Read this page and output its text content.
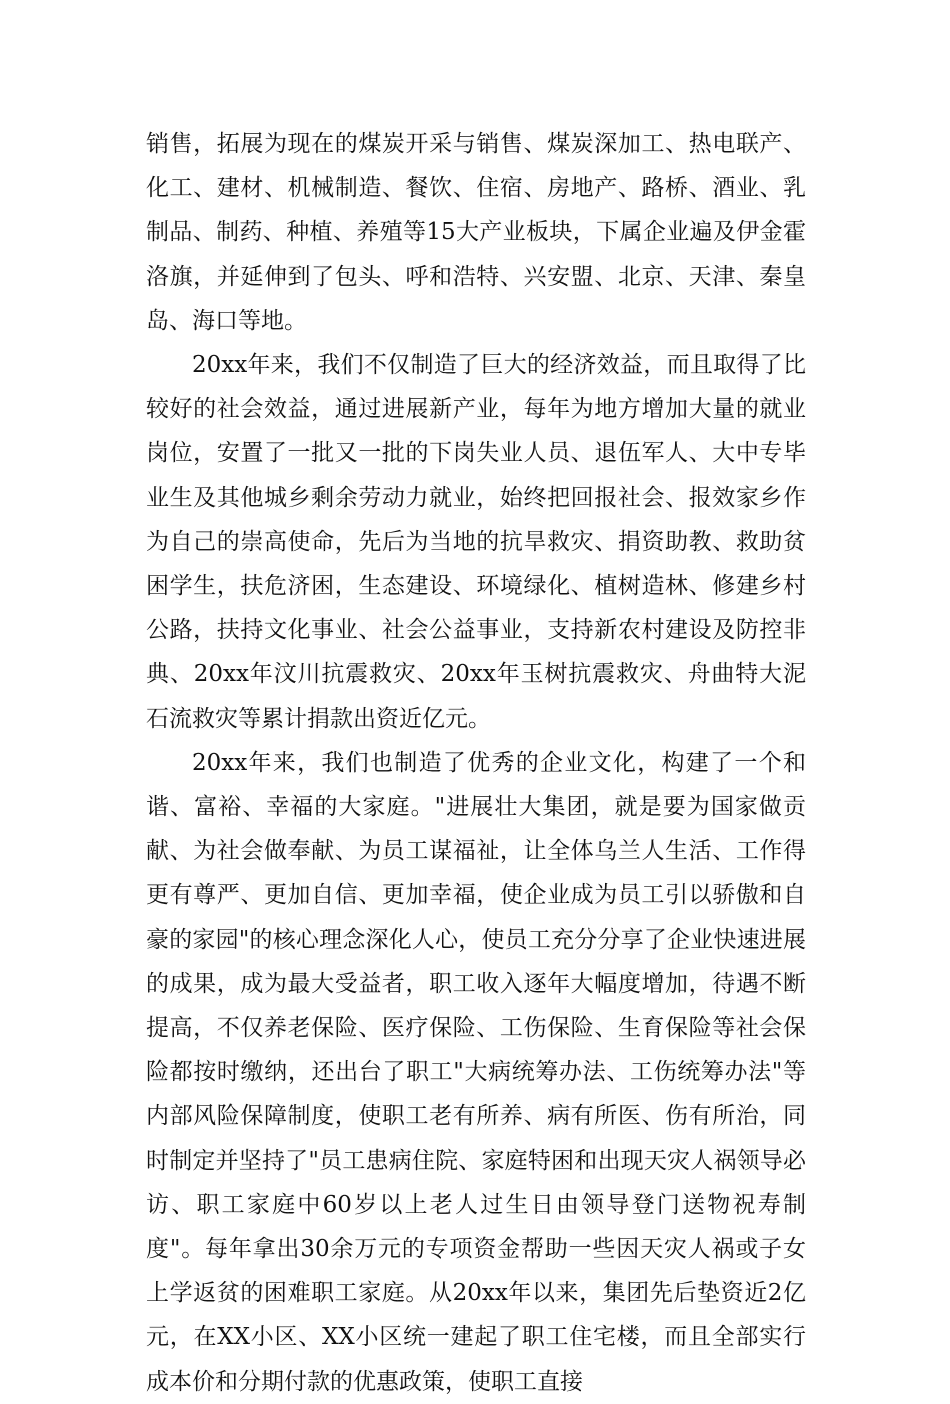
销售，拓展为现在的煤炭开采与销售、煤炭深加工、热电联产、化工、建材、机械制造、餐饮、住宿、房地产、路桥、酒业、乳制品、制药、种植、养殖等15大产业板块，下属企业遍及伊金霍洛旗，并延伸到了包头、呼和浩特、兴安盟、北京、天津、秦皇岛、海口等地。

20xx年来，我们不仅制造了巨大的经济效益，而且取得了比较好的社会效益，通过进展新产业，每年为地方增加大量的就业岗位，安置了一批又一批的下岗失业人员、退伍军人、大中专毕业生及其他城乡剩余劳动力就业，始终把回报社会、报效家乡作为自己的崇高使命，先后为当地的抗旱救灾、捐资助教、救助贫困学生，扶危济困，生态建设、环境绿化、植树造林、修建乡村公路，扶持文化事业、社会公益事业，支持新农村建设及防控非典、20xx年汶川抗震救灾、20xx年玉树抗震救灾、舟曲特大泥石流救灾等累计捐款出资近亿元。

20xx年来，我们也制造了优秀的企业文化，构建了一个和谐、富裕、幸福的大家庭。"进展壮大集团，就是要为国家做贡献、为社会做奉献、为员工谋福祉，让全体乌兰人生活、工作得更有尊严、更加自信、更加幸福，使企业成为员工引以骄傲和自豪的家园"的核心理念深化人心，使员工充分分享了企业快速进展的成果，成为最大受益者，职工收入逐年大幅度增加，待遇不断提高，不仅养老保险、医疗保险、工伤保险、生育保险等社会保险都按时缴纳，还出台了职工"大病统筹办法、工伤统筹办法"等内部风险保障制度，使职工老有所养、病有所医、伤有所治，同时制定并坚持了"员工患病住院、家庭特困和出现天灾人祸领导必访、职工家庭中60岁以上老人过生日由领导登门送物祝寿制度"。每年拿出30余万元的专项资金帮助一些因天灾人祸或子女上学返贫的困难职工家庭。从20xx年以来，集团先后垫资近2亿元，在XX小区、XX小区统一建起了职工住宅楼，而且全部实行成本价和分期付款的优惠政策，使职工直接
